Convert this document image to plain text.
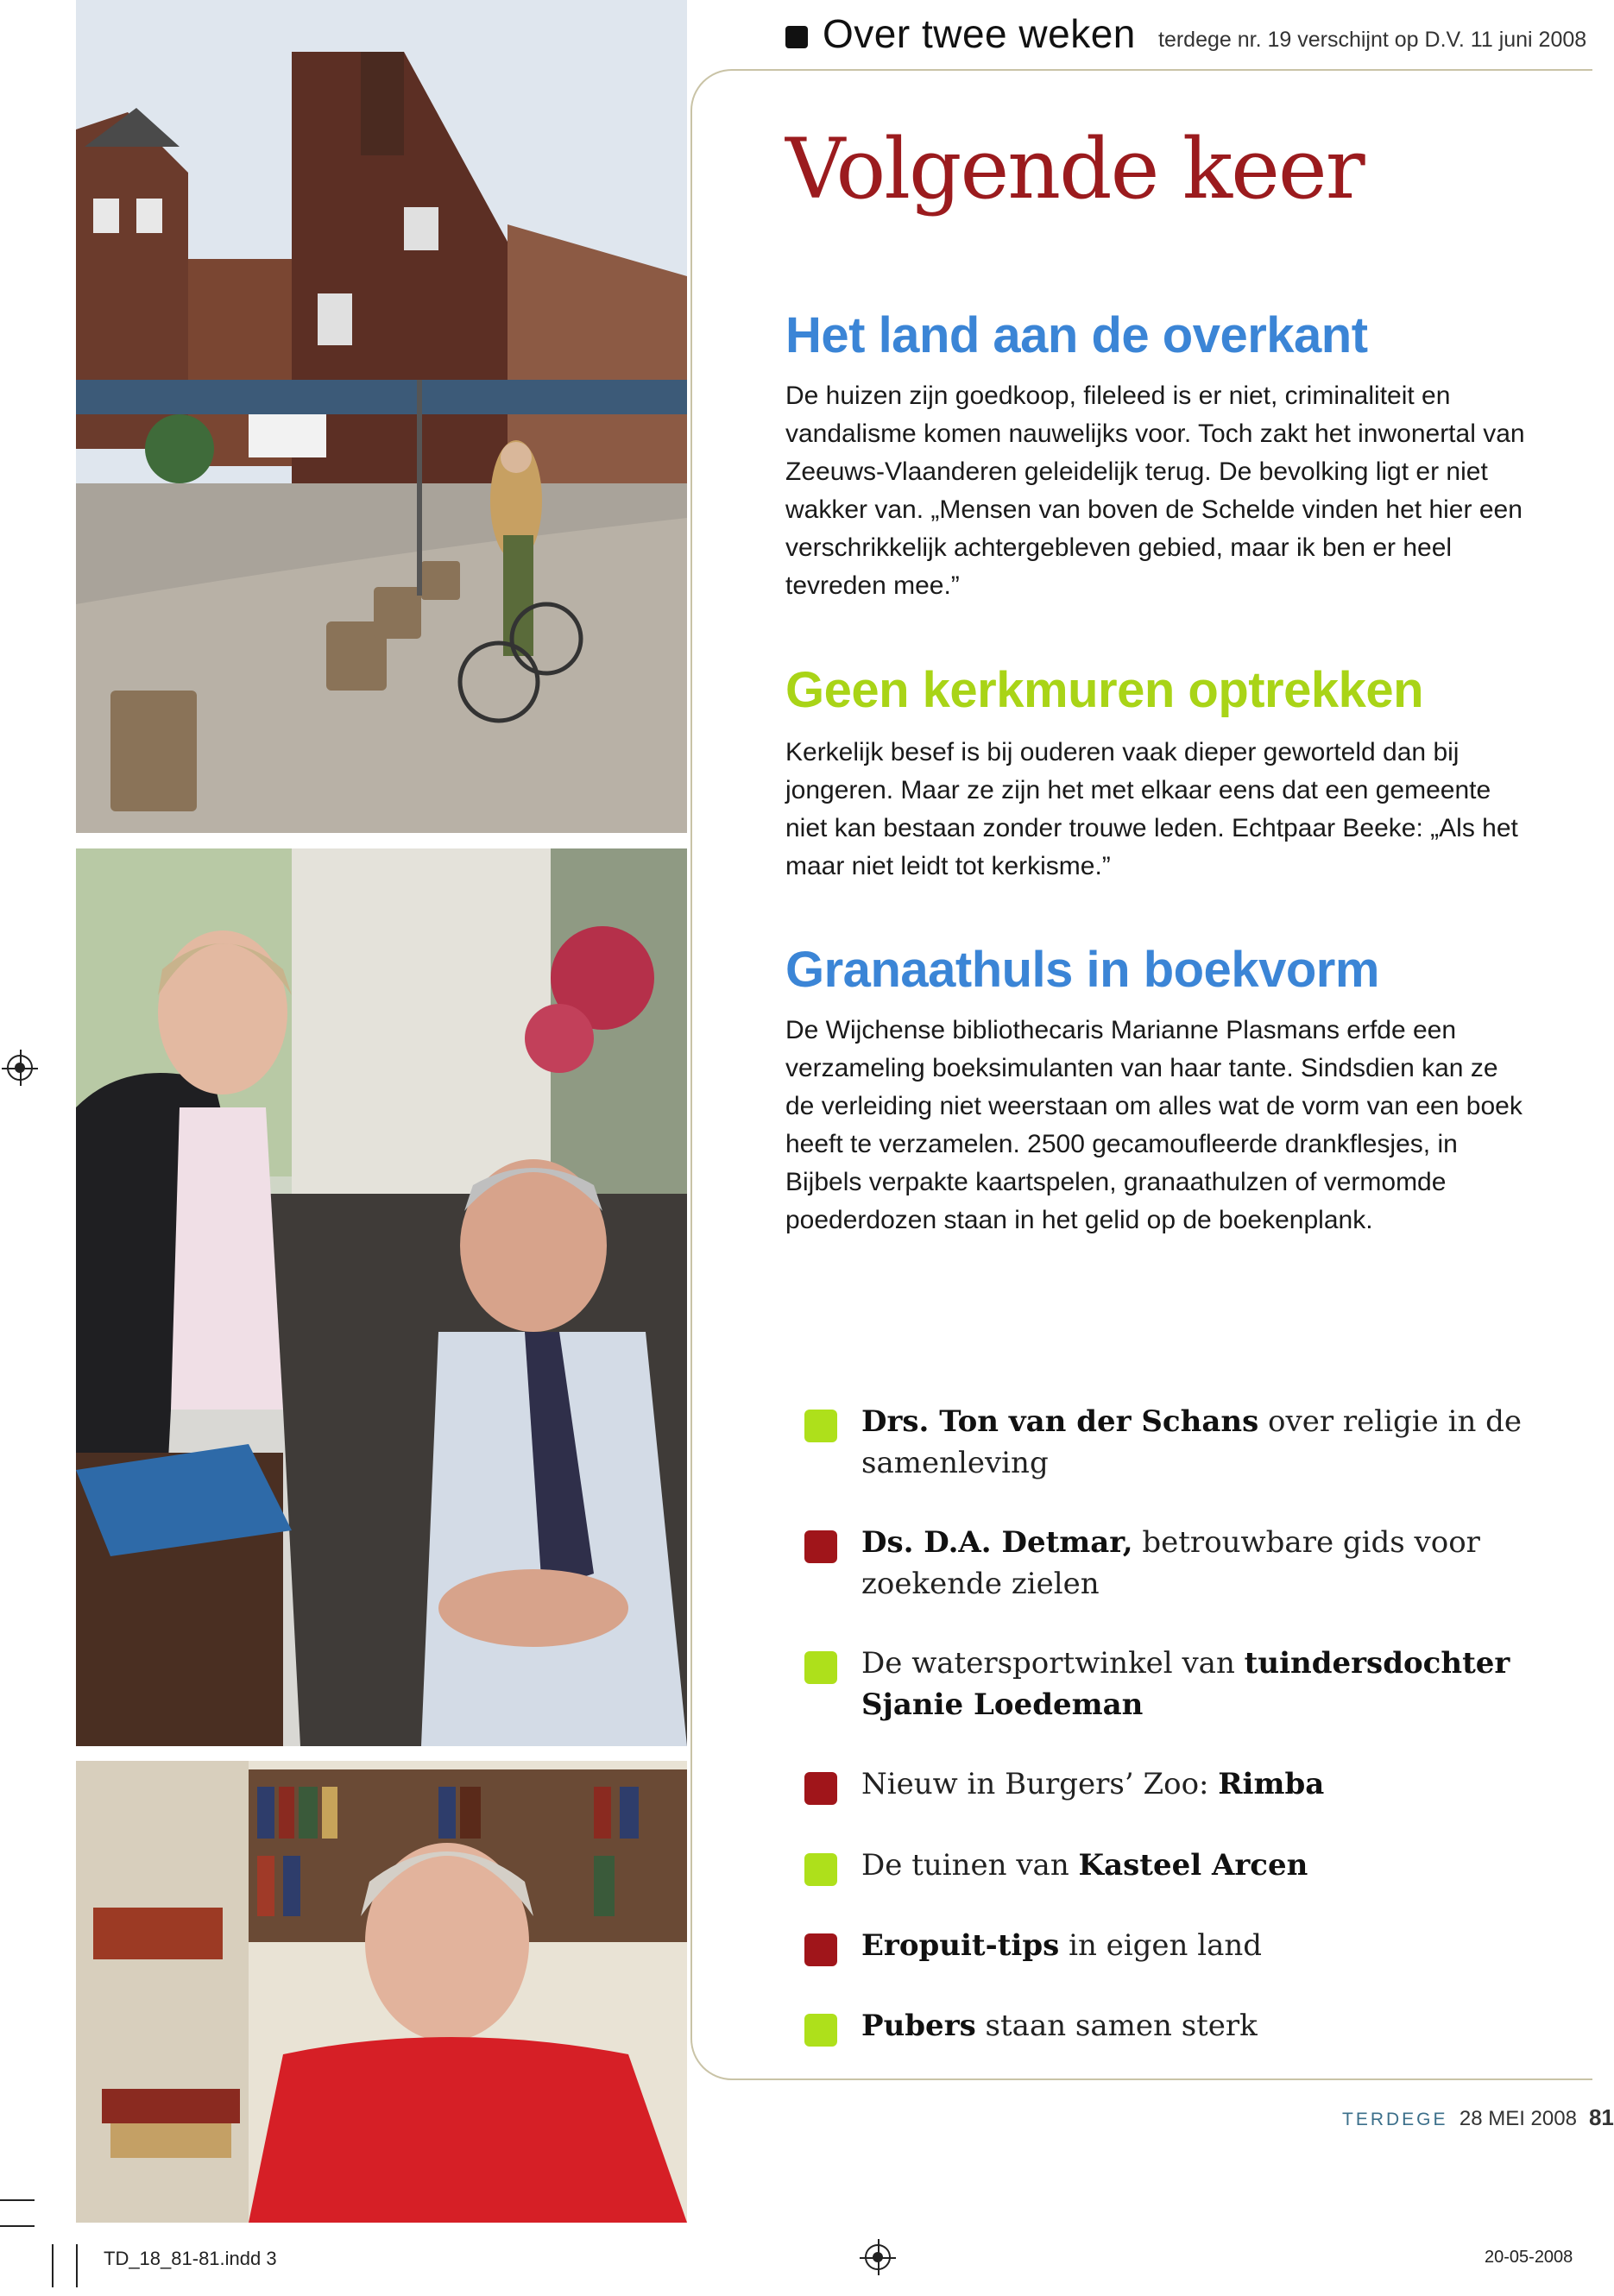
Over twee weken terdege nr. 19 verschijnt op D.V. 11 juni 2008
Volgende keer
Het land aan de overkant
De huizen zijn goedkoop, fileleed is er niet, criminaliteit en vandalisme komen nauwelijks voor. Toch zakt het inwonertal van Zeeuws-Vlaanderen geleidelijk terug. De bevolking ligt er niet wakker van. „Mensen van boven de Schelde vinden het hier een verschrikkelijk achtergebleven gebied, maar ik ben er heel tevreden mee.”
Geen kerkmuren optrekken
Kerkelijk besef is bij ouderen vaak dieper geworteld dan bij jongeren. Maar ze zijn het met elkaar eens dat een gemeente niet kan bestaan zonder trouwe leden. Echtpaar Beeke: „Als het maar niet leidt tot kerkisme.”
Granaathuls in boekvorm
De Wijchense bibliothecaris Marianne Plasmans erfde een verzameling boeksimulanten van haar tante. Sindsdien kan ze de verleiding niet weerstaan om alles wat de vorm van een boek heeft te verzamelen. 2500 gecamoufleerde drankflesjes, in Bijbels verpakte kaartspelen, granaathulzen of vermomde poederdozen staan in het gelid op de boekenplank.
Drs. Ton van der Schans over religie in de samenleving
Ds. D.A. Detmar, betrouwbare gids voor zoekende zielen
De watersportwinkel van tuindersdochter Sjanie Loedeman
Nieuw in Burgers’ Zoo: Rimba
De tuinen van Kasteel Arcen
Eropuit-tips in eigen land
Pubers staan samen sterk
TERDEGE 28 MEI 2008 81
TD_18_81-81.indd 3	20-05-2008
